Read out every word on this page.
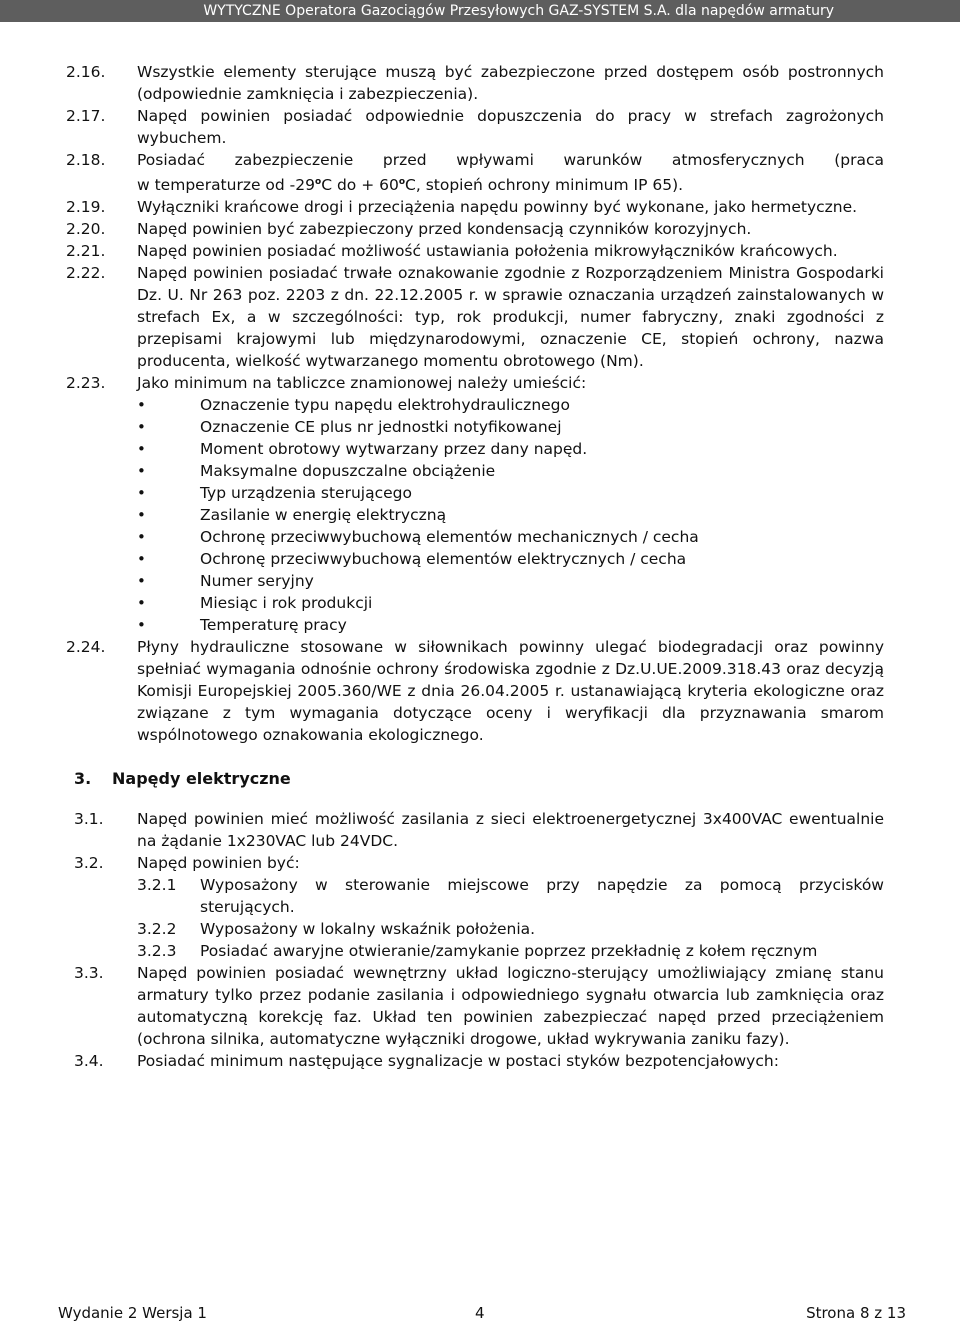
WYTYCZNE Operatora Gazociągów Przesyłowych GAZ-SYSTEM S.A. dla napędów armatury
2.16.	Wszystkie elementy sterujące muszą być zabezpieczone przed dostępem osób postronnych (odpowiednie zamknięcia i zabezpieczenia).
2.17.	Napęd powinien posiadać odpowiednie dopuszczenia do pracy w strefach zagrożonych wybuchem.
2.18.	Posiadać zabezpieczenie przed wpływami warunków atmosferycznych (praca
w temperaturze od -29$^o$C do + $60^oC$, stopień ochrony minimum IP 65).
2.19.	Wyłączniki krańcowe drogi i przeciążenia napędu powinny być wykonane, jako hermetyczne.
2.20.	Napęd powinien być zabezpieczony przed kondensacją czynników korozyjnych.
2.21.	Napęd powinien posiadać możliwość ustawiania położenia mikrowyłączników krańcowych.
2.22.	Napęd powinien posiadać trwałe oznakowanie zgodnie z Rozporządzeniem Ministra Gospodarki Dz. U. Nr 263 poz. 2203 z dn. 22.12.2005 r. w sprawie oznaczania urządzeń zainstalowanych w strefach Ex, a w szczególności: typ, rok produkcji, numer fabryczny, znaki zgodności z przepisami krajowymi lub międzynarodowymi, oznaczenie CE, stopień ochrony, nazwa producenta, wielkość wytwarzanego momentu obrotowego (Nm).
2.23.	Jako minimum na tabliczce znamionowej należy umieścić:
•	Oznaczenie typu napędu elektrohydraulicznego
•	Oznaczenie CE plus nr jednostki notyfikowanej
•	Moment obrotowy wytwarzany przez dany napęd.
•	Maksymalne dopuszczalne obciążenie
•	Typ urządzenia sterującego
•	Zasilanie w energię elektryczną
•	Ochronę przeciwwybuchową elementów mechanicznych / cecha
•	Ochronę przeciwwybuchową elementów elektrycznych / cecha
•	Numer seryjny
•	Miesiąc i rok produkcji
•	Temperaturę pracy
2.24.	Płyny hydrauliczne stosowane w siłownikach powinny ulegać biodegradacji oraz powinny spełniać wymagania odnośnie ochrony środowiska zgodnie z Dz.U.UE.2009.318.43 oraz decyzją Komisji Europejskiej 2005.360/WE z dnia 26.04.2005 r. ustanawiającą kryteria ekologiczne oraz związane z tym wymagania dotyczące oceny i weryfikacji dla przyznawania smarom wspólnotowego oznakowania ekologicznego.
3.	Napędy elektryczne
3.1.	Napęd powinien mieć możliwość zasilania z sieci elektroenergetycznej 3x400VAC ewentualnie na żądanie 1x230VAC lub 24VDC.
3.2.	Napęd powinien być:
3.2.1	Wyposażony w sterowanie miejscowe przy napędzie za pomocą przycisków sterujących.
3.2.2	Wyposażony w lokalny wskaźnik położenia.
3.2.3	Posiadać awaryjne otwieranie/zamykanie poprzez przekładnię z kołem ręcznym
3.3.	Napęd powinien posiadać wewnętrzny układ logiczno-sterujący umożliwiający zmianę stanu armatury tylko przez podanie zasilania i odpowiedniego sygnału otwarcia lub zamknięcia oraz automatyczną korekcję faz. Układ ten powinien zabezpieczać napęd przed przeciążeniem (ochrona silnika, automatyczne wyłączniki drogowe, układ wykrywania zaniku fazy).
3.4.	Posiadać minimum następujące sygnalizacje w postaci styków bezpotencjałowych:
Wydanie 2 Wersja 1	4	Strona 8 z 13
